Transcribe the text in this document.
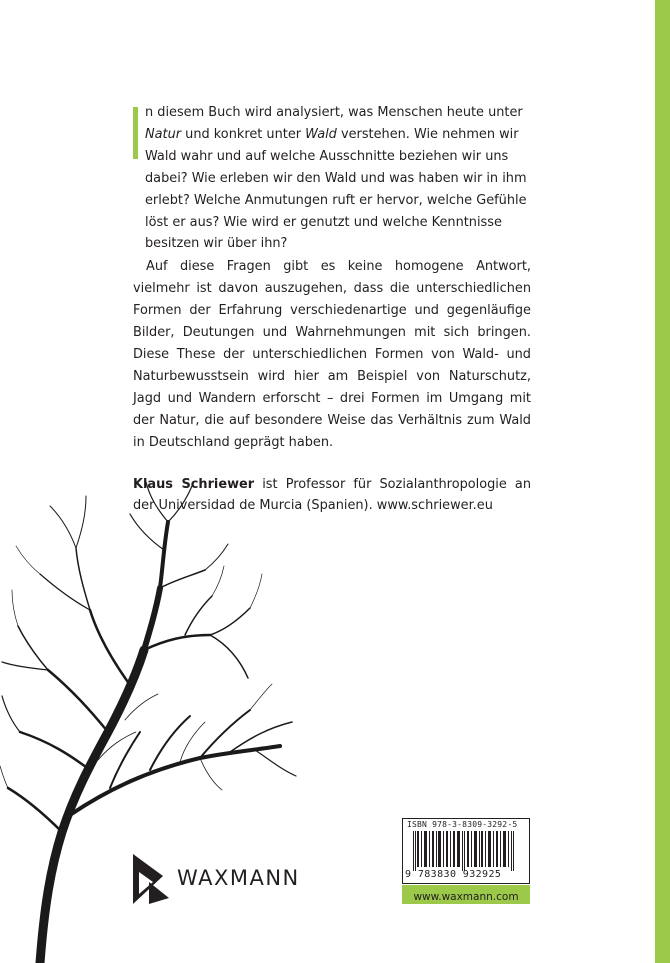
n diesem Buch wird analysiert, was Menschen heute unter Natur und konkret unter Wald verstehen. Wie nehmen wir Wald wahr und auf welche Ausschnitte beziehen wir uns dabei? Wie erleben wir den Wald und was haben wir in ihm erlebt? Welche Anmutungen ruft er hervor, welche Gefühle löst er aus? Wie wird er genutzt und welche Kenntnisse besitzen wir über ihn?

Auf diese Fragen gibt es keine homogene Antwort, vielmehr ist davon auszugehen, dass die unterschiedlichen Formen der Erfahrung verschiedenartige und gegenläufige Bilder, Deutungen und Wahrnehmungen mit sich bringen. Diese These der unterschiedlichen Formen von Wald- und Naturbewusstsein wird hier am Beispiel von Naturschutz, Jagd und Wandern erforscht – drei Formen im Umgang mit der Natur, die auf besondere Weise das Verhältnis zum Wald in Deutschland geprägt haben.

Klaus Schriewer ist Professor für Sozialanthropologie an der Universidad de Murcia (Spanien). www.schriewer.eu

WAXMANN
ISBN 978-3-8309-3292-5
9 783830 932925
www.waxmann.com
